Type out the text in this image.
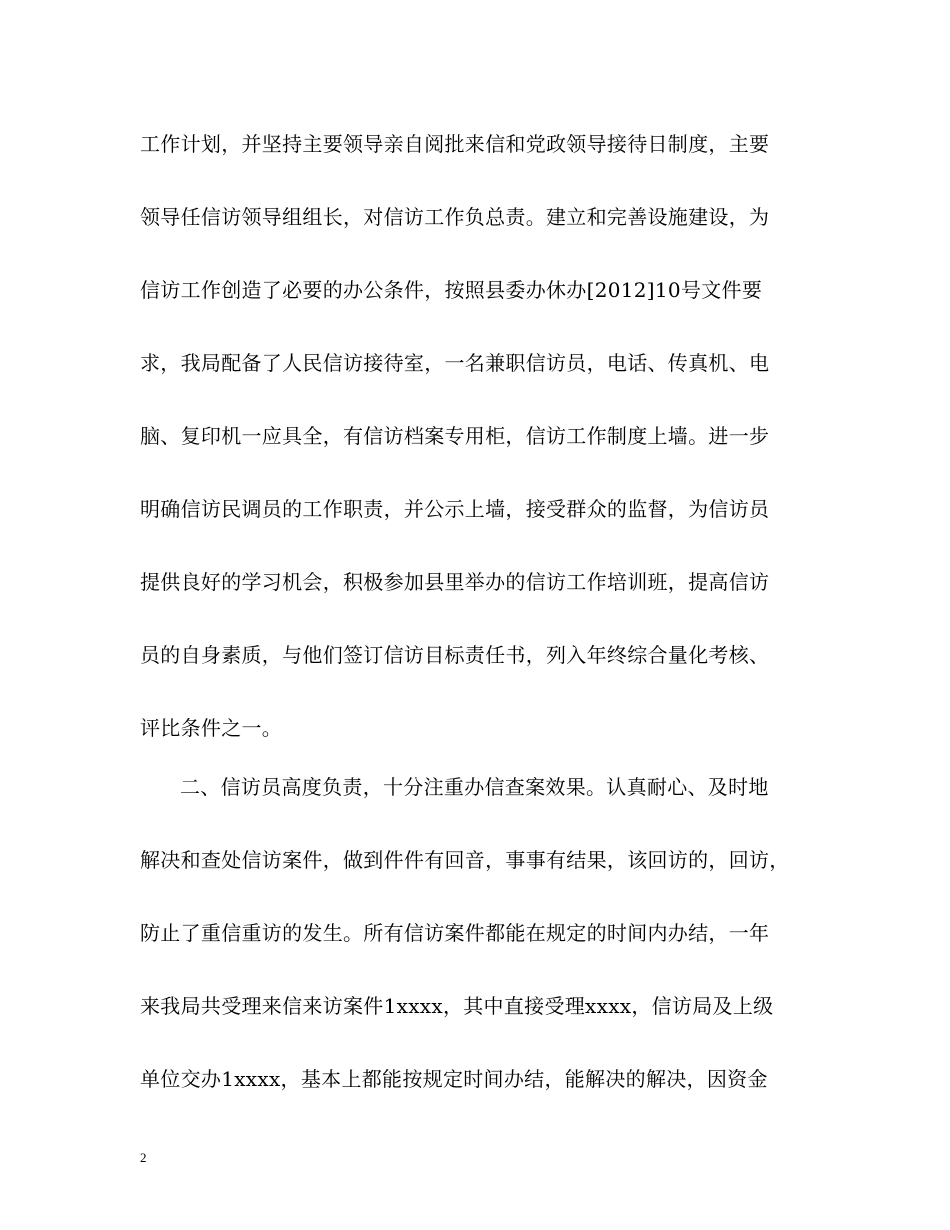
工作计划，并坚持主要领导亲自阅批来信和党政领导接待日制度，主要
领导任信访领导组组长，对信访工作负总责。建立和完善设施建设，为
信访工作创造了必要的办公条件，按照县委办休办[2012]10号文件要
求，我局配备了人民信访接待室，一名兼职信访员，电话、传真机、电
脑、复印机一应具全，有信访档案专用柜，信访工作制度上墙。进一步
明确信访民调员的工作职责，并公示上墙，接受群众的监督，为信访员
提供良好的学习机会，积极参加县里举办的信访工作培训班，提高信访
员的自身素质，与他们签订信访目标责任书，列入年终综合量化考核、
评比条件之一。
二、信访员高度负责，十分注重办信查案效果。认真耐心、及时地
解决和查处信访案件，做到件件有回音，事事有结果，该回访的，回访，
防止了重信重访的发生。所有信访案件都能在规定的时间内办结，一年
来我局共受理来信来访案件1xxxx，其中直接受理xxxx，信访局及上级
单位交办1xxxx，基本上都能按规定时间办结，能解决的解决，因资金
2
